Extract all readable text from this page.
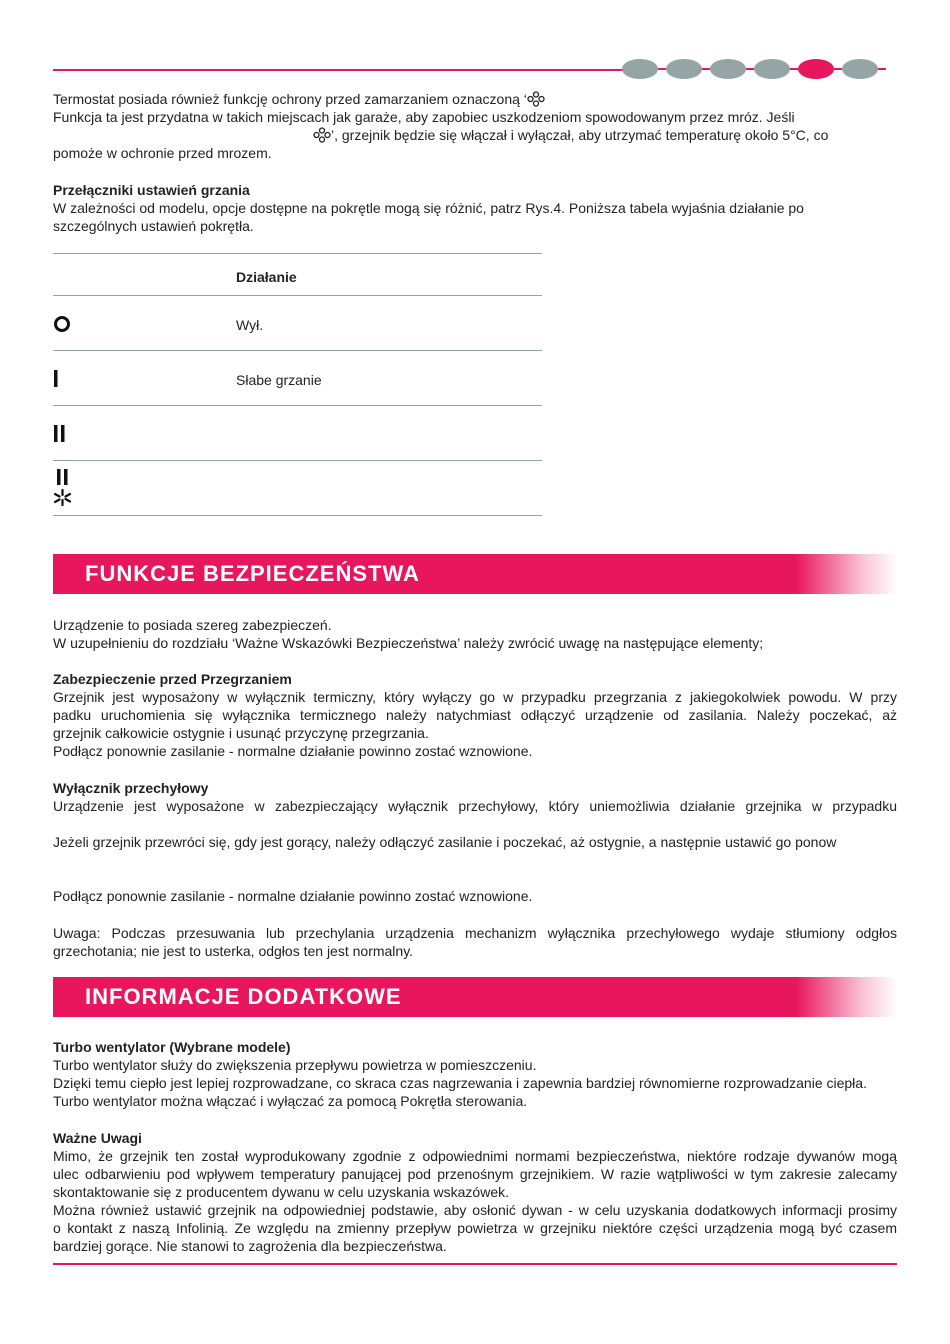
Termostat posiada również funkcję ochrony przed zamarzaniem oznaczoną ‘
Funkcja ta jest przydatna w takich miejscach jak garaże, aby zapobiec uszkodzeniom spowodowanym przez mróz. Jeśli
’, grzejnik będzie się włączał i wyłączał, aby utrzymać temperaturę około 5°C, co
pomoże w ochronie przed mrozem.
Przełączniki ustawień grzania
W zależności od modelu, opcje dostępne na pokrętle mogą się różnić, patrz Rys.4. Poniższa tabela wyjaśnia działanie po
szczególnych ustawień pokrętła.
Działanie
Wył.
Słabe grzanie
FUNKCJE BEZPIECZEŃSTWA
Urządzenie to posiada szereg zabezpieczeń.
W uzupełnieniu do rozdziału ‘Ważne Wskazówki Bezpieczeństwa’ należy zwrócić uwagę na następujące elementy;
Zabezpieczenie przed Przegrzaniem
Grzejnik jest wyposażony w wyłącznik termiczny, który wyłączy go w przypadku przegrzania z jakiegokolwiek powodu. W przy
padku uruchomienia się wyłącznika termicznego należy natychmiast odłączyć urządzenie od zasilania. Należy poczekać, aż
grzejnik całkowicie ostygnie i usunąć przyczynę przegrzania.
Podłącz ponownie zasilanie - normalne działanie powinno zostać wznowione.
Wyłącznik przechyłowy
Urządzenie jest wyposażone w zabezpieczający wyłącznik przechyłowy, który uniemożliwia działanie grzejnika w przypadku
Jeżeli grzejnik przewróci się, gdy jest gorący, należy odłączyć zasilanie i poczekać, aż ostygnie, a następnie ustawić go ponow
Podłącz ponownie zasilanie - normalne działanie powinno zostać wznowione.
Uwaga: Podczas przesuwania lub przechylania urządzenia mechanizm wyłącznika przechyłowego wydaje stłumiony odgłos
grzechotania; nie jest to usterka, odgłos ten jest normalny.
INFORMACJE DODATKOWE
Turbo wentylator (Wybrane modele)
Turbo wentylator służy do zwiększenia przepływu powietrza w pomieszczeniu.
Dzięki temu ciepło jest lepiej rozprowadzane, co skraca czas nagrzewania i zapewnia bardziej równomierne rozprowadzanie ciepła.
Turbo wentylator można włączać i wyłączać za pomocą Pokrętła sterowania.
Ważne Uwagi
Mimo, że grzejnik ten został wyprodukowany zgodnie z odpowiednimi normami bezpieczeństwa, niektóre rodzaje dywanów mogą
ulec odbarwieniu pod wpływem temperatury panującej pod przenośnym grzejnikiem. W razie wątpliwości w tym zakresie zalecamy
skontaktowanie się z producentem dywanu w celu uzyskania wskazówek.
Można również ustawić grzejnik na odpowiedniej podstawie, aby osłonić dywan - w celu uzyskania dodatkowych informacji prosimy
o kontakt z naszą Infolinią. Ze względu na zmienny przepływ powietrza w grzejniku niektóre części urządzenia mogą być czasem
bardziej gorące. Nie stanowi to zagrożenia dla bezpieczeństwa.
